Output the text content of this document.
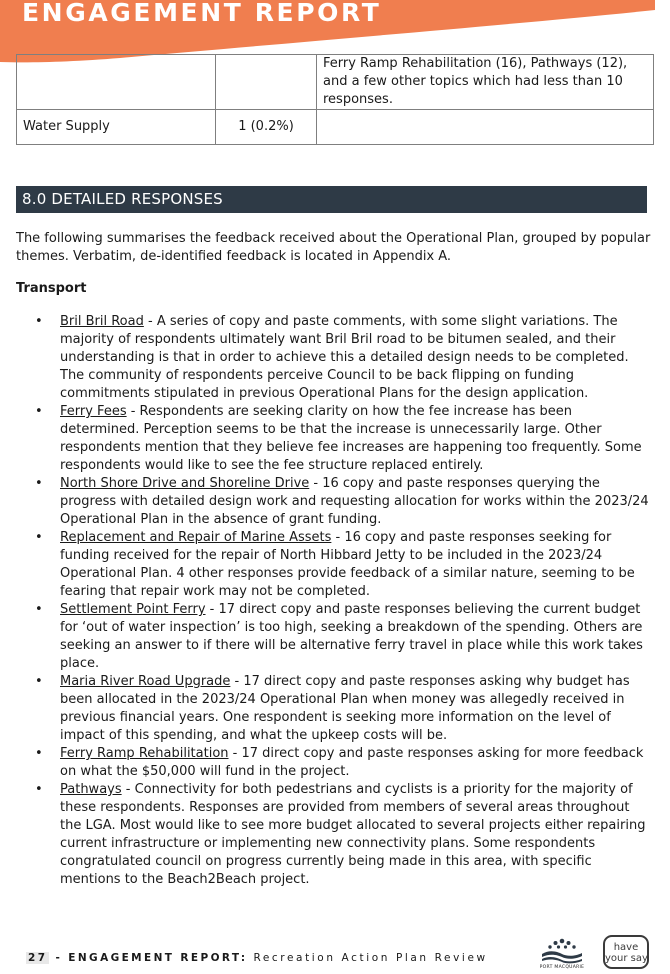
ENGAGEMENT REPORT
		Ferry Ramp Rehabilitation (16), Pathways (12), and a few other topics which had less than 10 responses.
Water Supply	1 (0.2%)	
8.0 DETAILED RESPONSES

The following summarises the feedback received about the Operational Plan, grouped by popular themes. Verbatim, de-identified feedback is located in Appendix A.

Transport

• Bril Bril Road - A series of copy and paste comments, with some slight variations. The majority of respondents ultimately want Bril Bril road to be bitumen sealed, and their understanding is that in order to achieve this a detailed design needs to be completed. The community of respondents perceive Council to be back flipping on funding commitments stipulated in previous Operational Plans for the design application.
• Ferry Fees - Respondents are seeking clarity on how the fee increase has been determined. Perception seems to be that the increase is unnecessarily large. Other respondents mention that they believe fee increases are happening too frequently. Some respondents would like to see the fee structure replaced entirely.
• North Shore Drive and Shoreline Drive - 16 copy and paste responses querying the progress with detailed design work and requesting allocation for works within the 2023/24 Operational Plan in the absence of grant funding.
• Replacement and Repair of Marine Assets - 16 copy and paste responses seeking for funding received for the repair of North Hibbard Jetty to be included in the 2023/24 Operational Plan. 4 other responses provide feedback of a similar nature, seeming to be fearing that repair work may not be completed.
• Settlement Point Ferry - 17 direct copy and paste responses believing the current budget for ‘out of water inspection’ is too high, seeking a breakdown of the spending. Others are seeking an answer to if there will be alternative ferry travel in place while this work takes place.
• Maria River Road Upgrade - 17 direct copy and paste responses asking why budget has been allocated in the 2023/24 Operational Plan when money was allegedly received in previous financial years. One respondent is seeking more information on the level of impact of this spending, and what the upkeep costs will be.
• Ferry Ramp Rehabilitation - 17 direct copy and paste responses asking for more feedback on what the $50,000 will fund in the project.
• Pathways - Connectivity for both pedestrians and cyclists is a priority for the majority of these respondents. Responses are provided from members of several areas throughout the LGA. Most would like to see more budget allocated to several projects either repairing current infrastructure or implementing new connectivity plans. Some respondents congratulated council on progress currently being made in this area, with specific mentions to the Beach2Beach project.
27 - ENGAGEMENT REPORT: Recreation Action Plan Review
PORT MACQUARIE
have
your say
